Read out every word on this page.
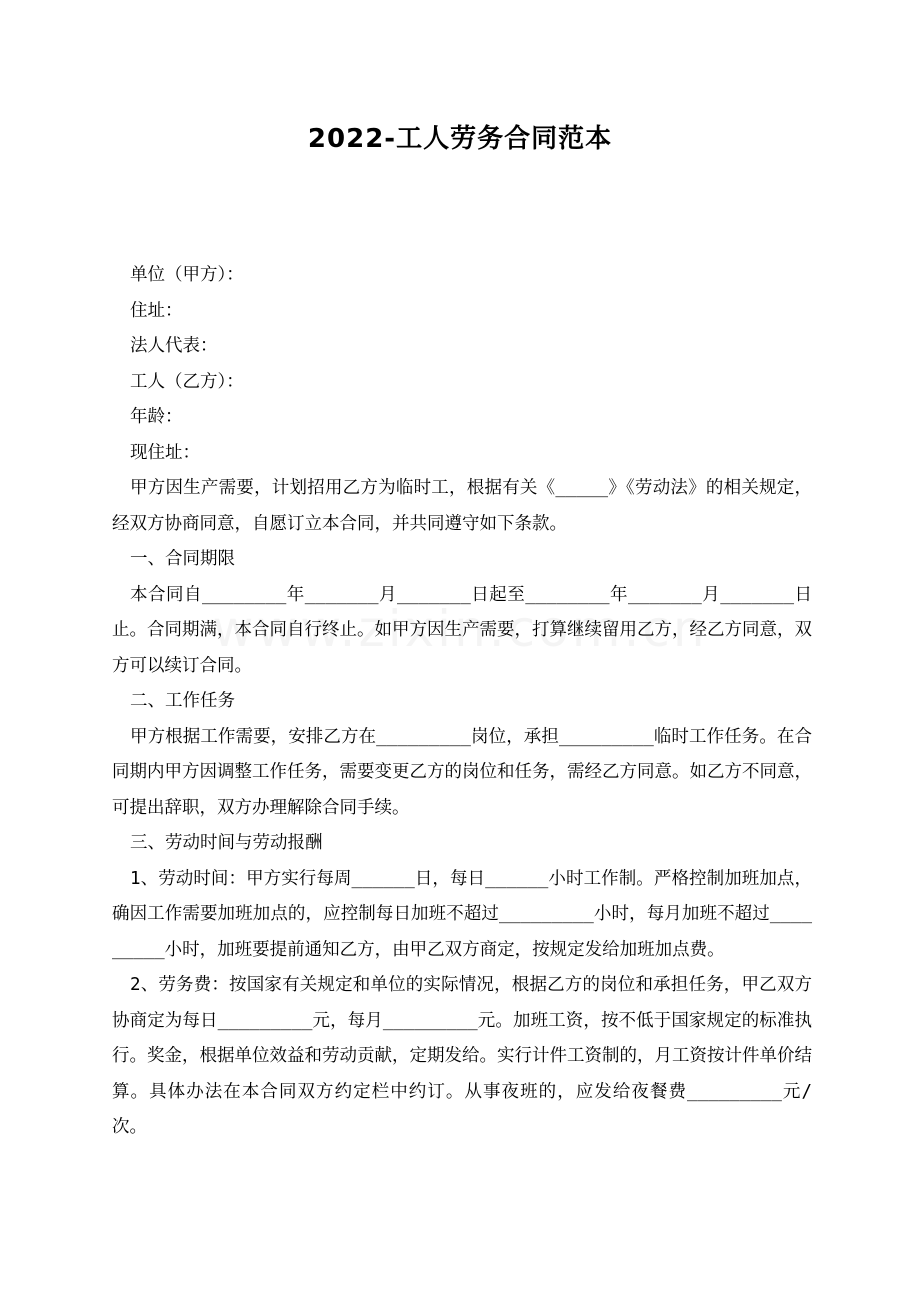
2022-工人劳务合同范本

单位（甲方）：

住址：

法人代表：

工人（乙方）：

年龄：

现住址：

甲方因生产需要，计划招用乙方为临时工，根据有关《_____》《劳动法》的相关规定，经双方协商同意，自愿订立本合同，并共同遵守如下条款。

一、合同期限

本合同自________年_______月_______日起至________年_______月_______日止。合同期满，本合同自行终止。如甲方因生产需要，打算继续留用乙方，经乙方同意，双方可以续订合同。

二、工作任务

甲方根据工作需要，安排乙方在_________岗位，承担_________临时工作任务。在合同期内甲方因调整工作任务，需要变更乙方的岗位和任务，需经乙方同意。如乙方不同意，可提出辞职，双方办理解除合同手续。

三、劳动时间与劳动报酬

1、劳动时间：甲方实行每周______日，每日______小时工作制。严格控制加班加点，确因工作需要加班加点的，应控制每日加班不超过_________小时，每月加班不超过_________小时，加班要提前通知乙方，由甲乙双方商定，按规定发给加班加点费。

2、劳务费：按国家有关规定和单位的实际情况，根据乙方的岗位和承担任务，甲乙双方协商定为每日_________元，每月_________元。加班工资，按不低于国家规定的标准执行。奖金，根据单位效益和劳动贡献，定期发给。实行计件工资制的，月工资按计件单价结算。具体办法在本合同双方约定栏中约订。从事夜班的，应发给夜餐费_________元/次。
